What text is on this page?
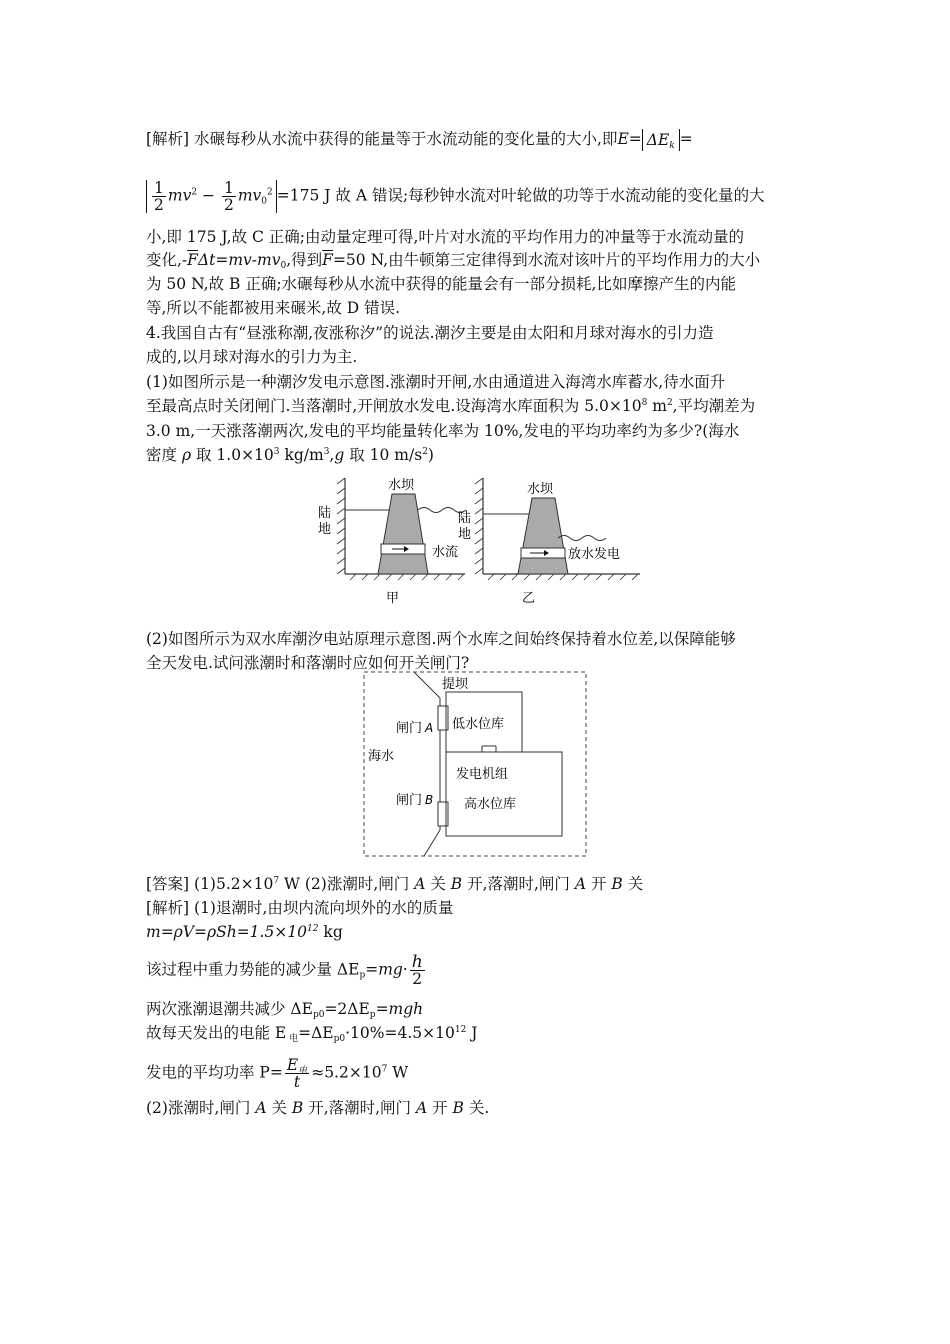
[解析] 水碾每秒从水流中获得的能量等于水流动能的变化量的大小,即$E= \Delta E_k$ =
$\frac{1}{2} mv^2 - \frac{1}{2} mv_0^2 =175$ J 故 A 错误;每秒钟水流对叶轮做的功等于水流动能的变化量的大
小,即 175 J,故 C 正确;由动量定理可得,叶片对水流的平均作用力的冲量等于水流动量的
变化$,-\overline{F}\Delta t=mv-mv_0$,得到$\overline{F}=50$ N,由牛顿第三定律得到水流对该叶片的平均作用力的大小
为 50 N,故 B 正确;水碾每秒从水流中获得的能量会有一部分损耗,比如摩擦产生的内能
等,所以不能都被用来碾米,故 D 错误.
4.我国自古有“昼涨称潮,夜涨称汐”的说法.潮汐主要是由太阳和月球对海水的引力造
成的,以月球对海水的引力为主.
(1)如图所示是一种潮汐发电示意图.涨潮时开闸,水由通道进入海湾水库蓄水,待水面升
至最高点时关闭闸门.当落潮时,开闸放水发电.设海湾水库面积为 $5.0\times 10^8$ $m^2$,平均潮差为
3.0 m,一天涨落潮两次,发电的平均能量转化率为 10%,发电的平均功率约为多少?(海水
密度 ρ 取 $1.0\times 10^3$ $kg/m^3,g$ 取 10 $m/s^2$)
水坝
陆
地
陆
地
水流
甲
水坝
放水发电
乙
(2)如图所示为双水库潮汐电站原理示意图.两个水库之间始终保持着水位差,以保障能够
全天发电.试问涨潮时和落潮时应如何开关闸门?
提坝
闸门 A 低水位库
海水
发电机组
闸门 B 高水位库
[答案] $(1)5.2\times 10^7$ W (2)涨潮时,闸门 A 关 B 开,落潮时,闸门 A 开 B 关
[解析] (1)退潮时,由坝内流向坝外的水的质量
$m=\rho V=\rho Sh=1.5\times 10^{12}$ kg
该过程中重力势能的减少量 $\Delta E_p=mg\cdot \frac{h}{2}$
两次涨潮退潮共减少 $\Delta E_{p0}=2\Delta E_p=mgh$
故每天发出的电能 E $_电=\Delta E_{p0}\cdot 10\%=4.5\times 10^{12}$ J
发电的平均功率 $P= \frac{E_电}{t} \approx 5.2\times 10^7$ W
(2)涨潮时,闸门 A 关 B 开,落潮时,闸门 A 开 B 关.
